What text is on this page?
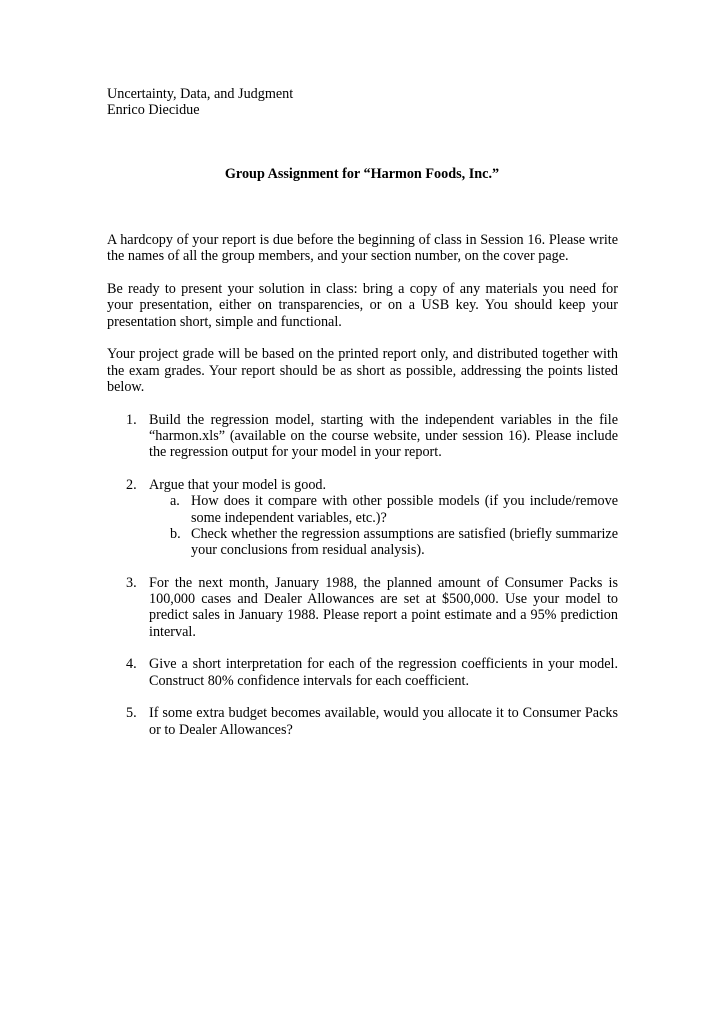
Uncertainty, Data, and Judgment
Enrico Diecidue
Group Assignment for “Harmon Foods, Inc.”

A hardcopy of your report is due before the beginning of class in Session 16. Please write the names of all the group members, and your section number, on the cover page.

Be ready to present your solution in class: bring a copy of any materials you need for your presentation, either on transparencies, or on a USB key. You should keep your presentation short, simple and functional.

Your project grade will be based on the printed report only, and distributed together with the exam grades. Your report should be as short as possible, addressing the points listed below.

1. Build the regression model, starting with the independent variables in the file “harmon.xls” (available on the course website, under session 16). Please include the regression output for your model in your report.
2. Argue that your model is good.
a. How does it compare with other possible models (if you include/remove some independent variables, etc.)?
b. Check whether the regression assumptions are satisfied (briefly summarize your conclusions from residual analysis).
3. For the next month, January 1988, the planned amount of Consumer Packs is 100,000 cases and Dealer Allowances are set at $500,000. Use your model to predict sales in January 1988. Please report a point estimate and a 95% prediction interval.
4. Give a short interpretation for each of the regression coefficients in your model. Construct 80% confidence intervals for each coefficient.
5. If some extra budget becomes available, would you allocate it to Consumer Packs or to Dealer Allowances?
